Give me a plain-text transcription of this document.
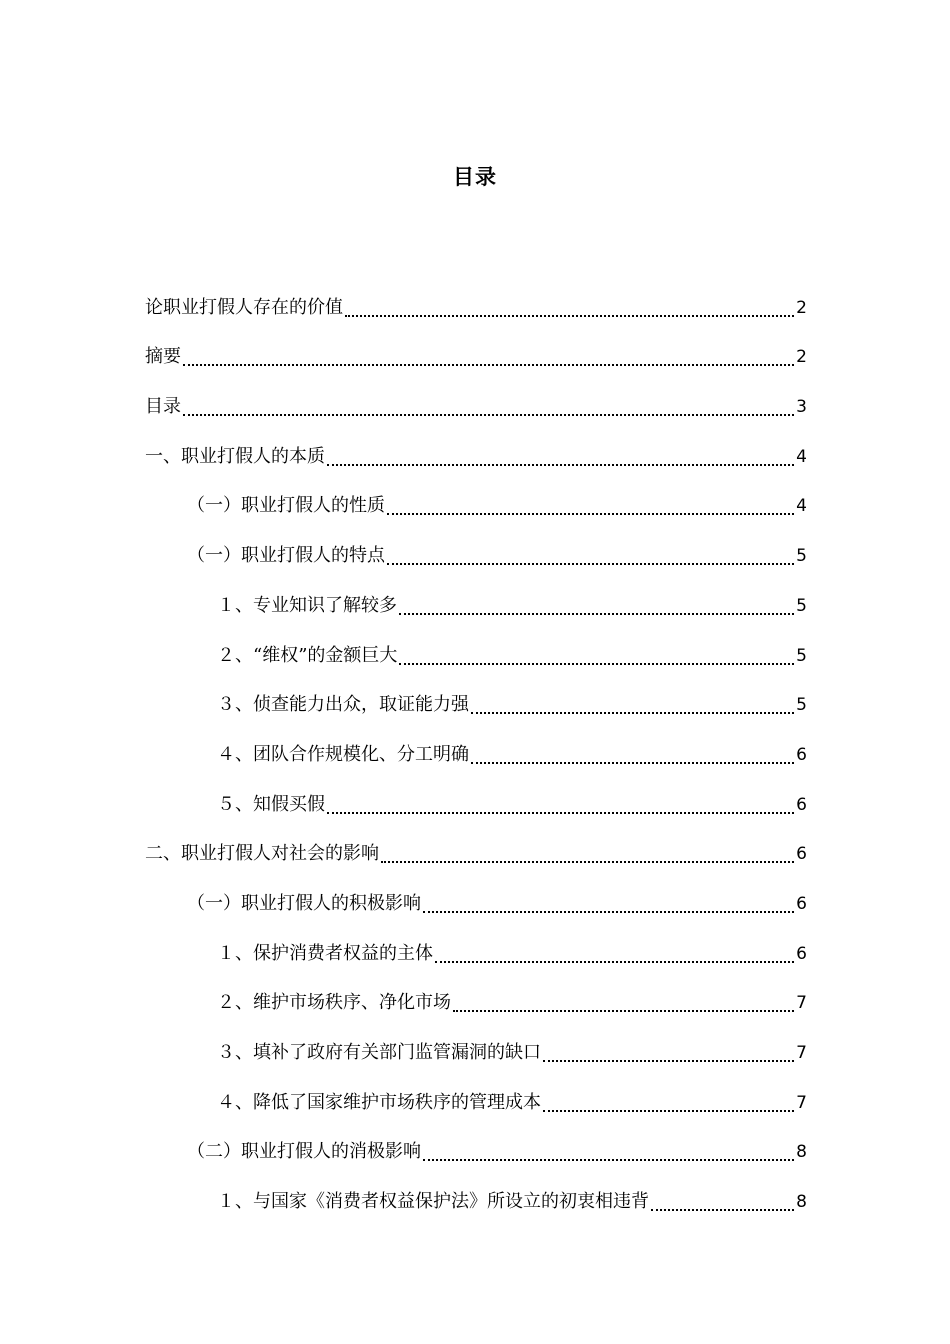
目录
论职业打假人存在的价值	2
摘要	2
目录	3
一、职业打假人的本质	4
（一）职业打假人的性质	4
（一）职业打假人的特点	5
１、专业知识了解较多	5
２、“维权”的金额巨大	5
３、侦查能力出众，取证能力强	5
４、团队合作规模化、分工明确	6
５、知假买假	6
二、职业打假人对社会的影响	6
（一）职业打假人的积极影响	6
１、保护消费者权益的主体	6
２、维护市场秩序、净化市场	7
３、填补了政府有关部门监管漏洞的缺口	7
４、降低了国家维护市场秩序的管理成本	7
（二）职业打假人的消极影响	8
１、与国家《消费者权益保护法》所设立的初衷相违背	8
